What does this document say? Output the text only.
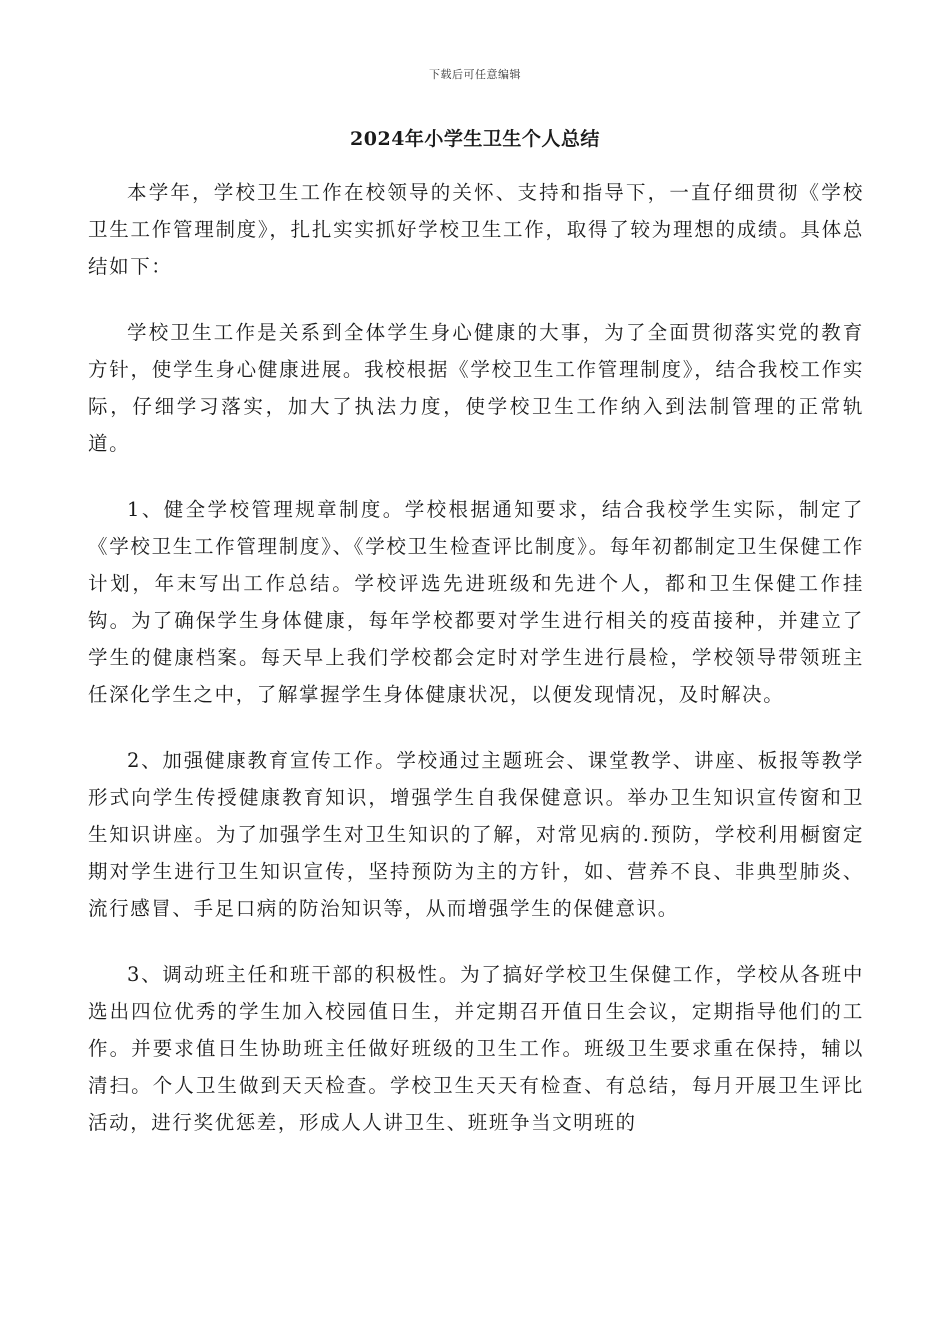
下载后可任意编辑
2024年小学生卫生个人总结

本学年，学校卫生工作在校领导的关怀、支持和指导下，一直仔细贯彻《学校卫生工作管理制度》，扎扎实实抓好学校卫生工作，取得了较为理想的成绩。具体总结如下：

学校卫生工作是关系到全体学生身心健康的大事，为了全面贯彻落实党的教育方针，使学生身心健康进展。我校根据《学校卫生工作管理制度》，结合我校工作实际，仔细学习落实，加大了执法力度，使学校卫生工作纳入到法制管理的正常轨道。

1、健全学校管理规章制度。学校根据通知要求，结合我校学生实际，制定了《学校卫生工作管理制度》、《学校卫生检查评比制度》。每年初都制定卫生保健工作计划，年末写出工作总结。学校评选先进班级和先进个人，都和卫生保健工作挂钩。为了确保学生身体健康，每年学校都要对学生进行相关的疫苗接种，并建立了学生的健康档案。每天早上我们学校都会定时对学生进行晨检，学校领导带领班主任深化学生之中，了解掌握学生身体健康状况，以便发现情况，及时解决。

2、加强健康教育宣传工作。学校通过主题班会、课堂教学、讲座、板报等教学形式向学生传授健康教育知识，增强学生自我保健意识。举办卫生知识宣传窗和卫生知识讲座。为了加强学生对卫生知识的了解，对常见病的.预防，学校利用橱窗定期对学生进行卫生知识宣传，坚持预防为主的方针，如、营养不良、非典型肺炎、流行感冒、手足口病的防治知识等，从而增强学生的保健意识。

3、调动班主任和班干部的积极性。为了搞好学校卫生保健工作，学校从各班中选出四位优秀的学生加入校园值日生，并定期召开值日生会议，定期指导他们的工作。并要求值日生协助班主任做好班级的卫生工作。班级卫生要求重在保持，辅以清扫。个人卫生做到天天检查。学校卫生天天有检查、有总结，每月开展卫生评比活动，进行奖优惩差，形成人人讲卫生、班班争当文明班的
